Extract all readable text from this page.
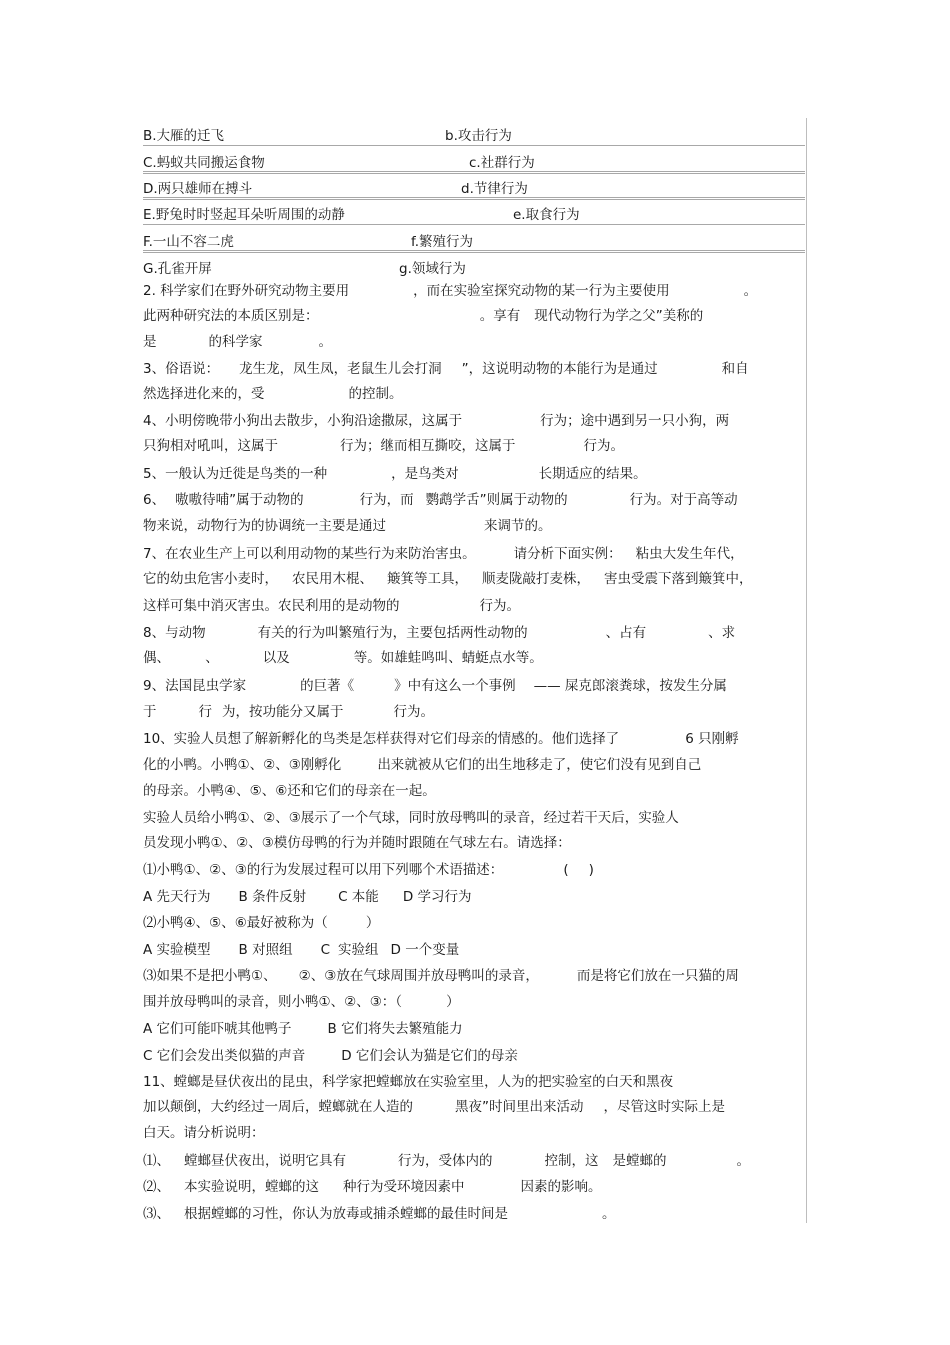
B.大雁的迁飞	b.攻击行为
C.蚂蚁共同搬运食物	c.社群行为
D.两只雄师在搏斗	d.节律行为
E.野兔时时竖起耳朵听周围的动静	e.取食行为
F.一山不容二虎	f.繁殖行为
G.孔雀开屏	g.领域行为
2. 科学家们在野外研究动物主要用	，而在实验室探究动物的某一行为主要使用	。
此两种研究法的本质区别是：	。享有 现代动物行为学之父”美称的
是	的科学家	。
3、俗语说： 龙生龙，凤生凤，老鼠生儿会打洞 ”，这说明动物的本能行为是通过	和自
然选择进化来的，受	的控制。
4、小明傍晚带小狗出去散步，小狗沿途撒尿，这属于	行为；途中遇到另一只小狗，两
只狗相对吼叫，这属于	行为；继而相互撕咬，这属于	行为。
5、一般认为迁徙是鸟类的一种	，是鸟类对	长期适应的结果。
6、 嗷嗷待哺”属于动物的	行为，而 鹦鹉学舌”则属于动物的	行为。对于高等动
物来说，动物行为的协调统一主要是通过	来调节的。
7、在农业生产上可以利用动物的某些行为来防治害虫。	请分析下面实例： 粘虫大发生年代，
它的幼虫危害小麦时， 农民用木棍、 簸箕等工具， 顺麦陇敲打麦株， 害虫受震下落到簸箕中，
这样可集中消灭害虫。农民利用的是动物的	行为。
8、与动物	有关的行为叫繁殖行为，主要包括两性动物的	、占有	、求
偶、	、	以及	等。如雄蛙鸣叫、蜻蜓点水等。
9、法国昆虫学家	的巨著《	》中有这么一个事例 —— 屎克郎滚粪球，按发生分属
于	行 为，按功能分又属于	行为。
10、实验人员想了解新孵化的鸟类是怎样获得对它们母亲的情感的。他们选择了	6 只刚孵
化的小鸭。小鸭①、②、③刚孵化	出来就被从它们的出生地移走了，使它们没有见到自己
的母亲。小鸭④、⑤、⑥还和它们的母亲在一起。
实验人员给小鸭①、②、③展示了一个气球，同时放母鸭叫的录音，经过若干天后，实验人
员发现小鸭①、②、③模仿母鸭的行为并随时跟随在气球左右。请选择：
⑴小鸭①、②、③的行为发展过程可以用下列哪个术语描述：	( )
A 先天行为 B 条件反射 C 本能 D 学习行为
⑵小鸭④、⑤、⑥最好被称为（	）
A 实验模型 B 对照组 C 实验组 D 一个变量
⑶如果不是把小鸭①、 ②、③放在气球周围并放母鸭叫的录音，	而是将它们放在一只猫的周
围并放母鸭叫的录音，则小鸭①、②、③：（	）
A 它们可能吓唬其他鸭子	B 它们将失去繁殖能力
C 它们会发出类似猫的声音	D 它们会认为猫是它们的母亲
11、螳螂是昼伏夜出的昆虫，科学家把螳螂放在实验室里，人为的把实验室的白天和黑夜
加以颠倒，大约经过一周后，螳螂就在人造的	黑夜”时间里出来活动 ，尽管这时实际上是
白天。请分析说明：
⑴、 螳螂昼伏夜出，说明它具有	行为，受体内的	控制，这 是螳螂的	。
⑵、 本实验说明，螳螂的这 种行为受环境因素中	因素的影响。
⑶、 根据螳螂的习性，你认为放毒或捕杀螳螂的最佳时间是	。
